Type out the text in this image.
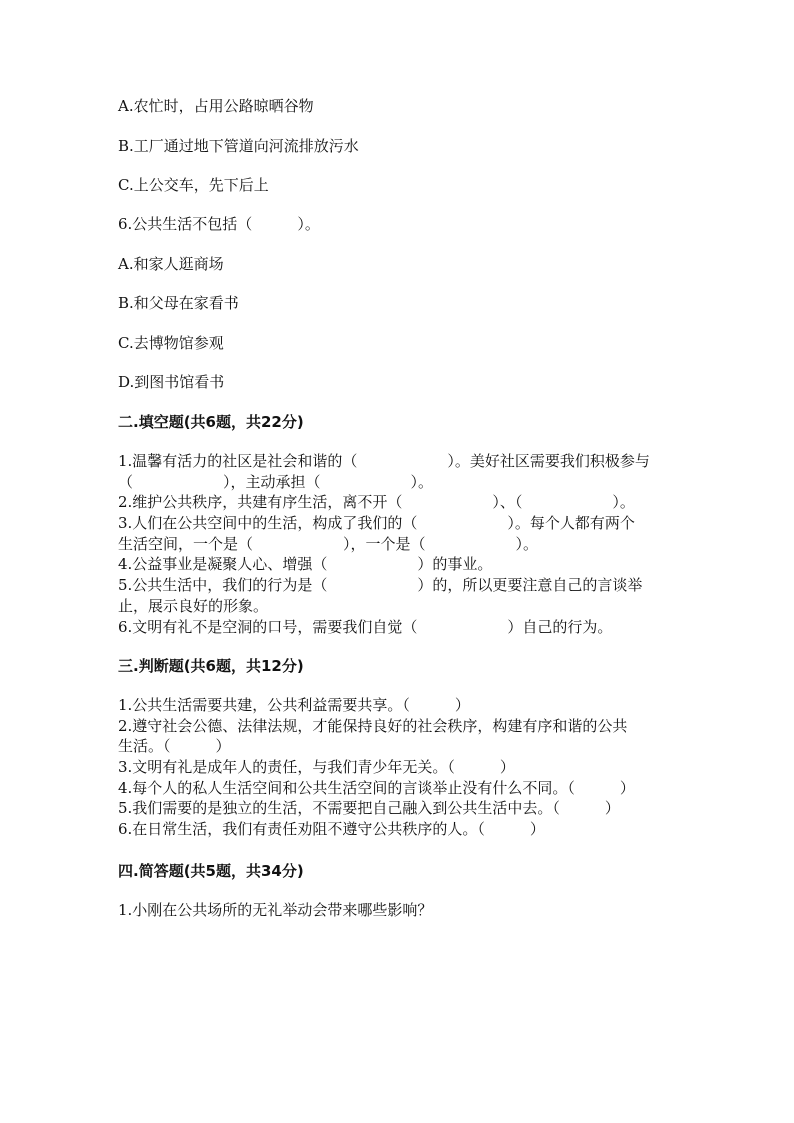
A.农忙时，占用公路晾晒谷物
B.工厂通过地下管道向河流排放污水
C.上公交车，先下后上
6.公共生活不包括（　　　）。
A.和家人逛商场
B.和父母在家看书
C.去博物馆参观
D.到图书馆看书
二.填空题(共6题，共22分)
1.温馨有活力的社区是社会和谐的（　　　　　　）。美好社区需要我们积极参与
（　　　　　　），主动承担（　　　　　　）。
2.维护公共秩序，共建有序生活，离不开（　　　　　　）、（　　　　　　）。
3.人们在公共空间中的生活，构成了我们的（　　　　　　）。每个人都有两个
生活空间，一个是（　　　　　　），一个是（　　　　　　）。
4.公益事业是凝聚人心、增强（　　　　　　）的事业。
5.公共生活中，我们的行为是（　　　　　　）的，所以更要注意自己的言谈举
止，展示良好的形象。
6.文明有礼不是空洞的口号，需要我们自觉（　　　　　　）自己的行为。
三.判断题(共6题，共12分)
1.公共生活需要共建，公共利益需要共享。（　　　）
2.遵守社会公德、法律法规，才能保持良好的社会秩序，构建有序和谐的公共
生活。（　　　）
3.文明有礼是成年人的责任，与我们青少年无关。（　　　）
4.每个人的私人生活空间和公共生活空间的言谈举止没有什么不同。（　　　）
5.我们需要的是独立的生活，不需要把自己融入到公共生活中去。（　　　）
6.在日常生活，我们有责任劝阻不遵守公共秩序的人。（　　　）
四.简答题(共5题，共34分)
1.小刚在公共场所的无礼举动会带来哪些影响？
